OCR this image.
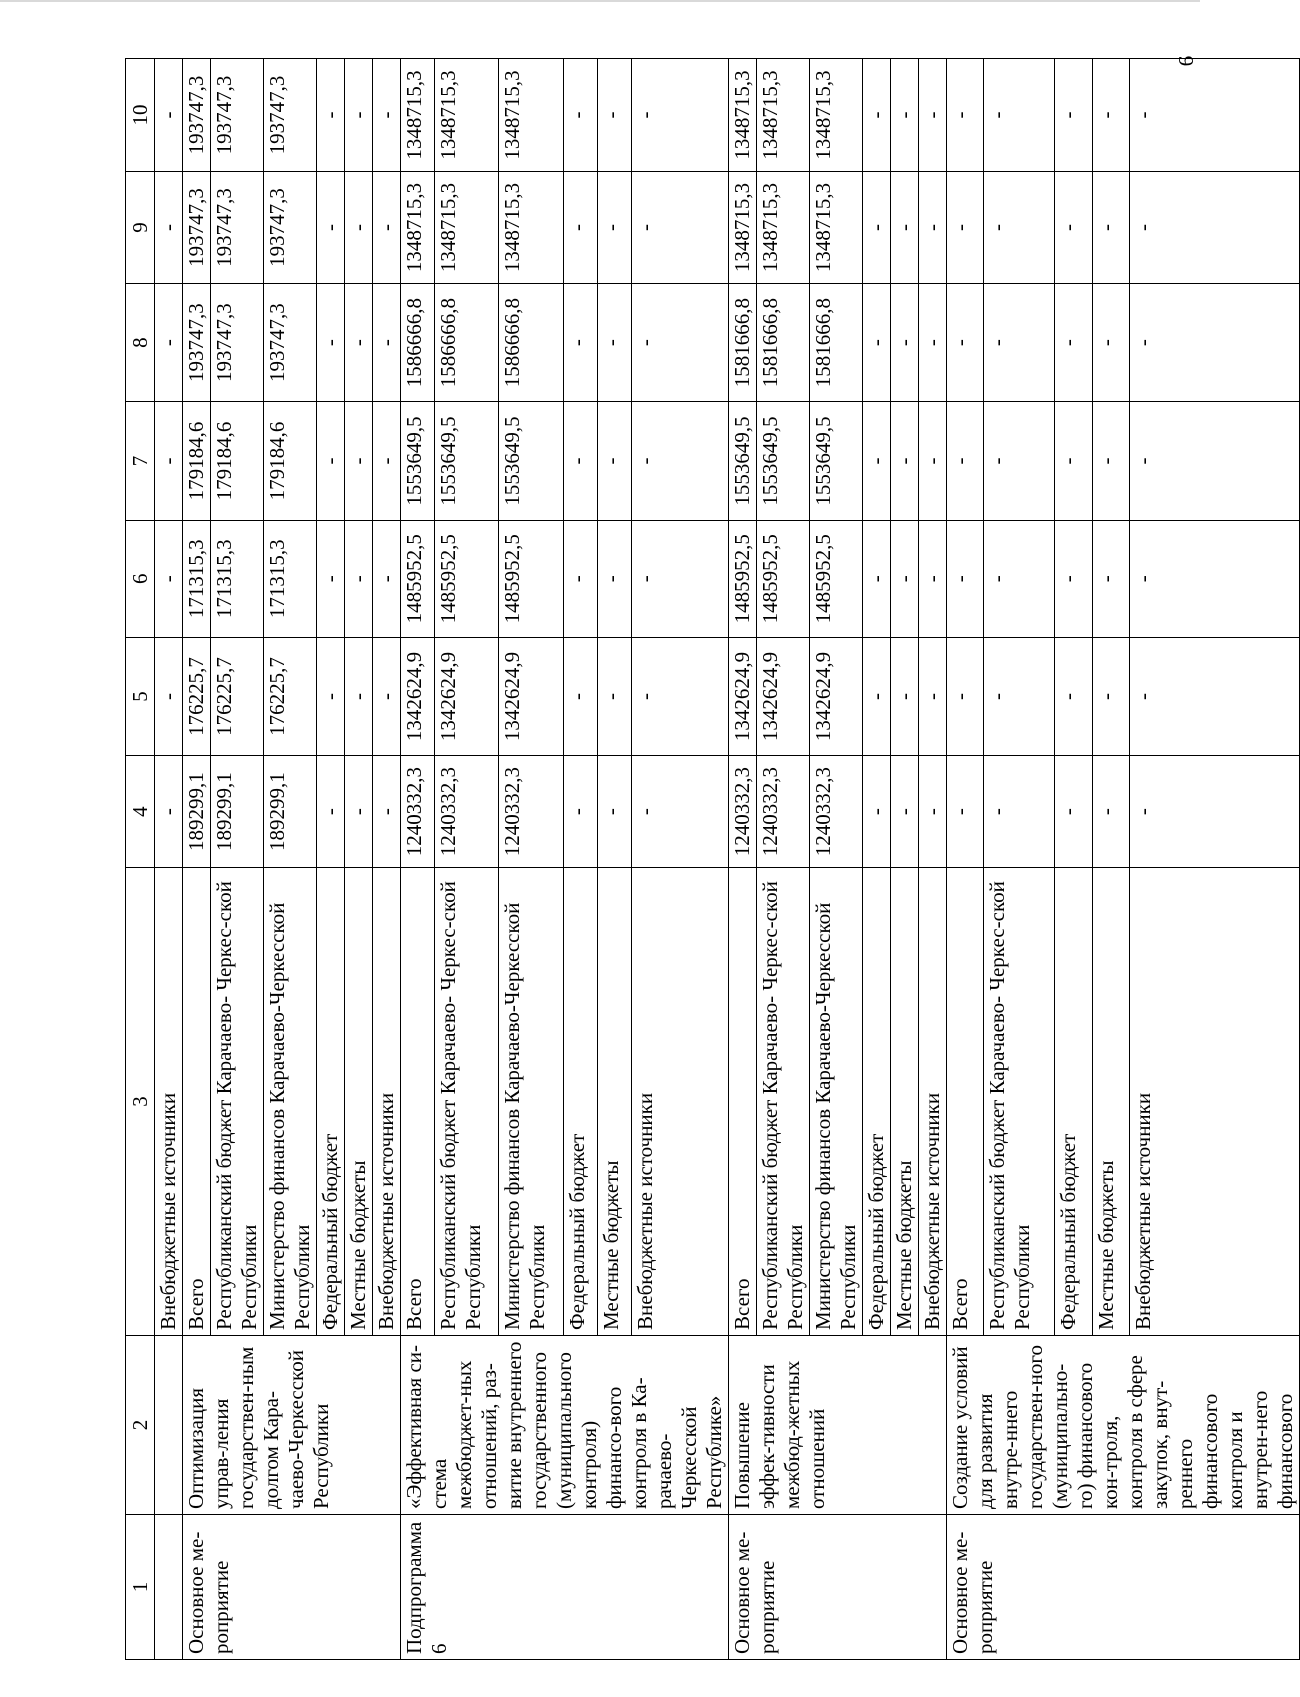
9
1	2	3	4	5	6	7	8	9	10
		Внебюджетные источники	-	-	-	-	-	-	-
Основное ме-роприятие	Оптимизация управ-ления государствен-ным долгом Кара-чаево-Черкесской Республики	Всего	189299,1	176225,7	171315,3	179184,6	193747,3	193747,3	193747,3
		Республиканский бюджет Карачаево- Черкес-ской Республики	189299,1	176225,7	171315,3	179184,6	193747,3	193747,3	193747,3
		Министерство финансов Карачаево-Черкесской Республики	189299,1	176225,7	171315,3	179184,6	193747,3	193747,3	193747,3
		Федеральный бюджет	-	-	-	-	-	-	-
		Местные бюджеты	-	-	-	-	-	-	-
		Внебюджетные источники	-	-	-	-	-	-	-
Подпрограмма 6	«Эффективная си-стема межбюджет-ных отношений, раз-витие внутреннего государственного (муниципального контроля) финансо-вого контроля в Ка-рачаево-Черкесской Республике»	Всего	1240332,3	1342624,9	1485952,5	1553649,5	1586666,8	1348715,3	1348715,3
		Республиканский бюджет Карачаево- Черкес-ской Республики	1240332,3	1342624,9	1485952,5	1553649,5	1586666,8	1348715,3	1348715,3
		Министерство финансов Карачаево-Черкесской Республики	1240332,3	1342624,9	1485952,5	1553649,5	1586666,8	1348715,3	1348715,3
		Федеральный бюджет	-	-	-	-	-	-	-
		Местные бюджеты	-	-	-	-	-	-	-
		Внебюджетные источники	-	-	-	-	-	-	-
Основное ме-роприятие	Повышение эффек-тивности межбюд-жетных отношений	Всего	1240332,3	1342624,9	1485952,5	1553649,5	1581666,8	1348715,3	1348715,3
		Республиканский бюджет Карачаево- Черкес-ской Республики	1240332,3	1342624,9	1485952,5	1553649,5	1581666,8	1348715,3	1348715,3
		Министерство финансов Карачаево-Черкесской Республики	1240332,3	1342624,9	1485952,5	1553649,5	1581666,8	1348715,3	1348715,3
		Федеральный бюджет	-	-	-	-	-	-	-
		Местные бюджеты	-	-	-	-	-	-	-
		Внебюджетные источники	-	-	-	-	-	-	-
Основное ме-роприятие	Создание условий для развития внутре-ннего государствен-ного (муниципально-го) финансового кон-троля, контроля в сфере закупок, внут-реннего финансового контроля и внутрен-него финансового	Всего	-	-	-	-	-	-	-
		Республиканский бюджет Карачаево- Черкес-ской Республики	-	-	-	-	-	-	-
		Федеральный бюджет	-	-	-	-	-	-	-
		Местные бюджеты	-	-	-	-	-	-	-
		Внебюджетные источники	-	-	-	-	-	-	-
